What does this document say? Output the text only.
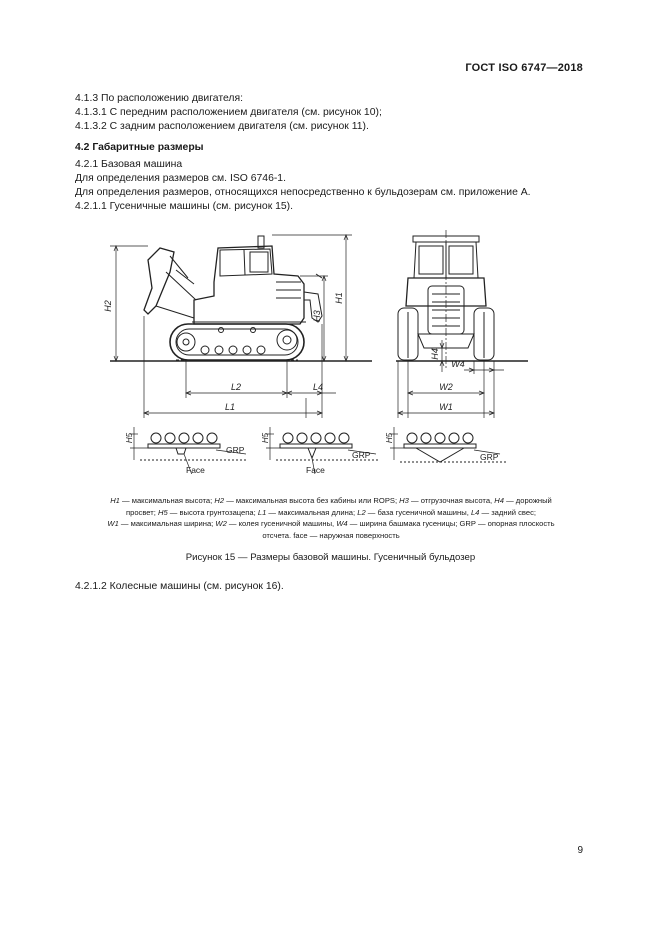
ГОСТ ISO 6747—2018
4.1.3 По расположению двигателя:
4.1.3.1 С передним расположением двигателя (см. рисунок 10);
4.1.3.2 С задним расположением двигателя (см. рисунок 11).
4.2 Габаритные размеры
4.2.1 Базовая машина
Для определения размеров см. ISO 6746-1.
Для определения размеров, относящихся непосредственно к бульдозерам см. приложение А.
4.2.1.1 Гусеничные машины (см. рисунок 15).
H2
H1
H3
L2	L4
L1
W2
W4
W1
H4
H5	H5	H5
GRP	GRP	GRP
Face	Face
H1 — максимальная высота; H2 — максимальная высота без кабины или ROPS; H3 — отгрузочная высота, H4 — дорожный
просвет; H5 — высота грунтозацепа; L1 — максимальная длина; L2 — база гусеничной машины, L4 — задний свес;
W1 — максимальная ширина; W2 — колея гусеничной машины, W4 — ширина башмака гусеницы; GRP — опорная плоскость
отсчета. face — наружная поверхность
Рисунок 15 — Размеры базовой машины. Гусеничный бульдозер
4.2.1.2 Колесные машины (см. рисунок 16).
9
